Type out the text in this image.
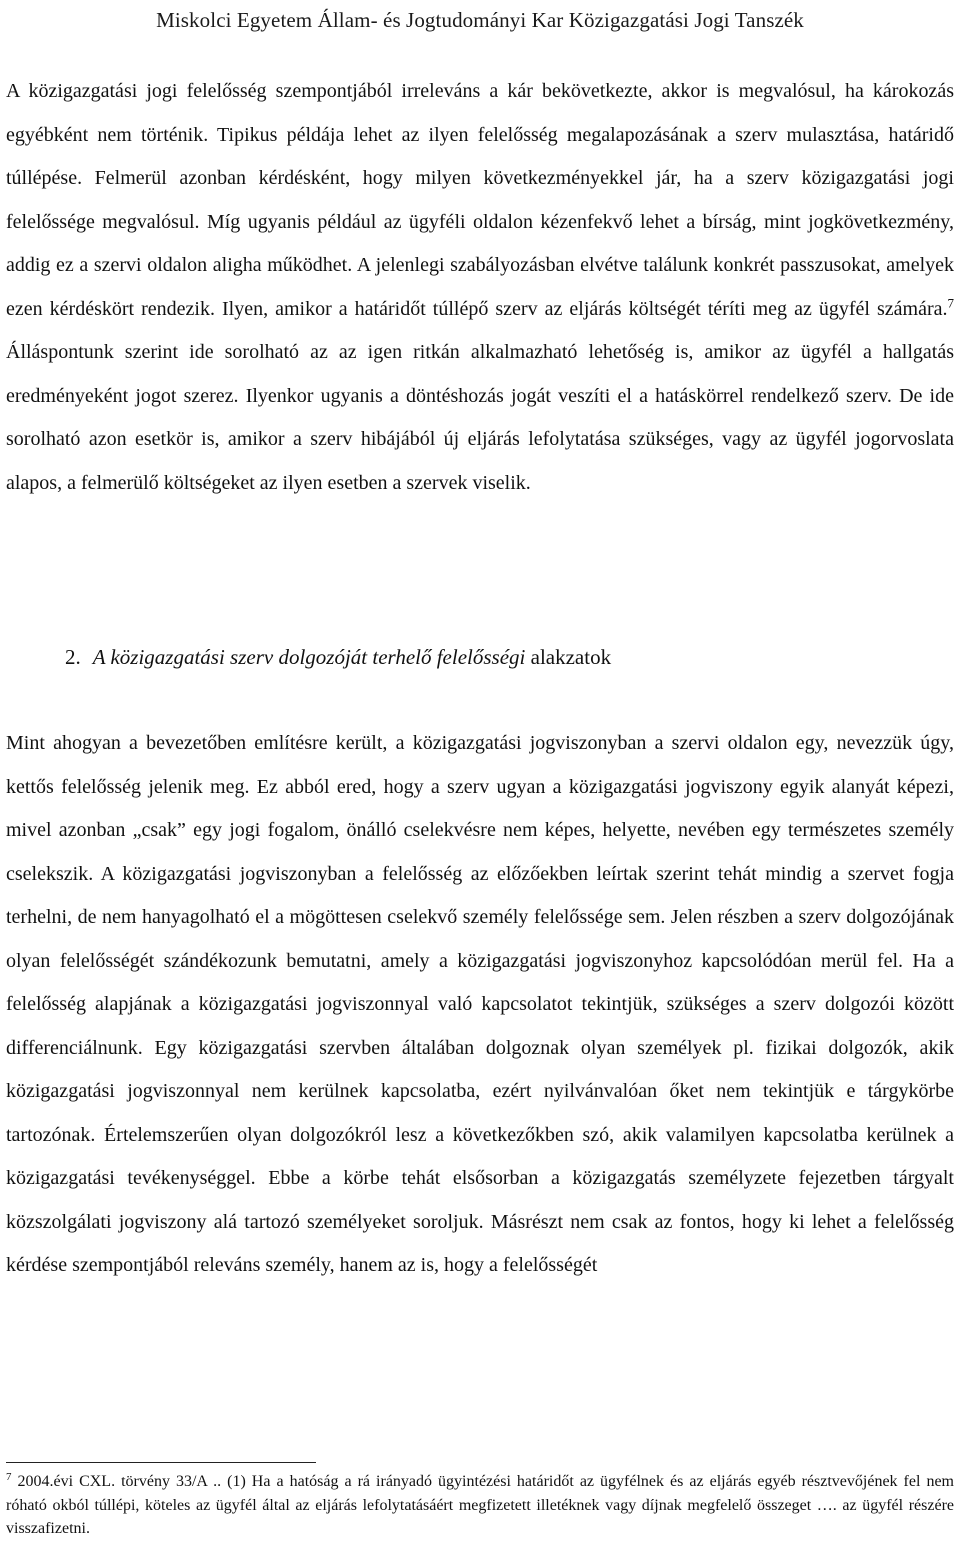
Miskolci Egyetem Állam- és Jogtudományi Kar Közigazgatási Jogi Tanszék
A közigazgatási jogi felelősség szempontjából irreleváns a kár bekövetkezte, akkor is megvalósul, ha károkozás egyébként nem történik. Tipikus példája lehet az ilyen felelősség megalapozásának a szerv mulasztása, határidő túllépése. Felmerül azonban kérdésként, hogy milyen következményekkel jár, ha a szerv közigazgatási jogi felelőssége megvalósul. Míg ugyanis például az ügyféli oldalon kézenfekvő lehet a bírság, mint jogkövetkezmény, addig ez a szervi oldalon aligha működhet. A jelenlegi szabályozásban elvétve találunk konkrét passzusokat, amelyek ezen kérdéskört rendezik. Ilyen, amikor a határidőt túllépő szerv az eljárás költségét téríti meg az ügyfél számára.$^7$ Álláspontunk szerint ide sorolható az az igen ritkán alkalmazható lehetőség is, amikor az ügyfél a hallgatás eredményeként jogot szerez. Ilyenkor ugyanis a döntéshozás jogát veszíti el a hatáskörrel rendelkező szerv. De ide sorolható azon esetkör is, amikor a szerv hibájából új eljárás lefolytatása szükséges, vagy az ügyfél jogorvoslata alapos, a felmerülő költségeket az ilyen esetben a szervek viselik.
2. A közigazgatási szerv dolgozóját terhelő felelősségi alakzatok
Mint ahogyan a bevezetőben említésre került, a közigazgatási jogviszonyban a szervi oldalon egy, nevezzük úgy, kettős felelősség jelenik meg. Ez abból ered, hogy a szerv ugyan a közigazgatási jogviszony egyik alanyát képezi, mivel azonban „csak” egy jogi fogalom, önálló cselekvésre nem képes, helyette, nevében egy természetes személy cselekszik. A közigazgatási jogviszonyban a felelősség az előzőekben leírtak szerint tehát mindig a szervet fogja terhelni, de nem hanyagolható el a mögöttesen cselekvő személy felelőssége sem. Jelen részben a szerv dolgozójának olyan felelősségét szándékozunk bemutatni, amely a közigazgatási jogviszonyhoz kapcsolódóan merül fel. Ha a felelősség alapjának a közigazgatási jogviszonnyal való kapcsolatot tekintjük, szükséges a szerv dolgozói között differenciálnunk. Egy közigazgatási szervben általában dolgoznak olyan személyek pl. fizikai dolgozók, akik közigazgatási jogviszonnyal nem kerülnek kapcsolatba, ezért nyilvánvalóan őket nem tekintjük e tárgykörbe tartozónak. Értelemszerűen olyan dolgozókról lesz a következőkben szó, akik valamilyen kapcsolatba kerülnek a közigazgatási tevékenységgel. Ebbe a körbe tehát elsősorban a közigazgatás személyzete fejezetben tárgyalt közszolgálati jogviszony alá tartozó személyeket soroljuk. Másrészt nem csak az fontos, hogy ki lehet a felelősség kérdése szempontjából releváns személy, hanem az is, hogy a felelősségét
$^7$ 2004.évi CXL. törvény 33/A .. (1) Ha a hatóság a rá irányadó ügyintézési határidőt az ügyfélnek és az eljárás egyéb résztvevőjének fel nem róható okból túllépi, köteles az ügyfél által az eljárás lefolytatásáért megfizetett illetéknek vagy díjnak megfelelő összeget …. az ügyfél részére visszafizetni.
